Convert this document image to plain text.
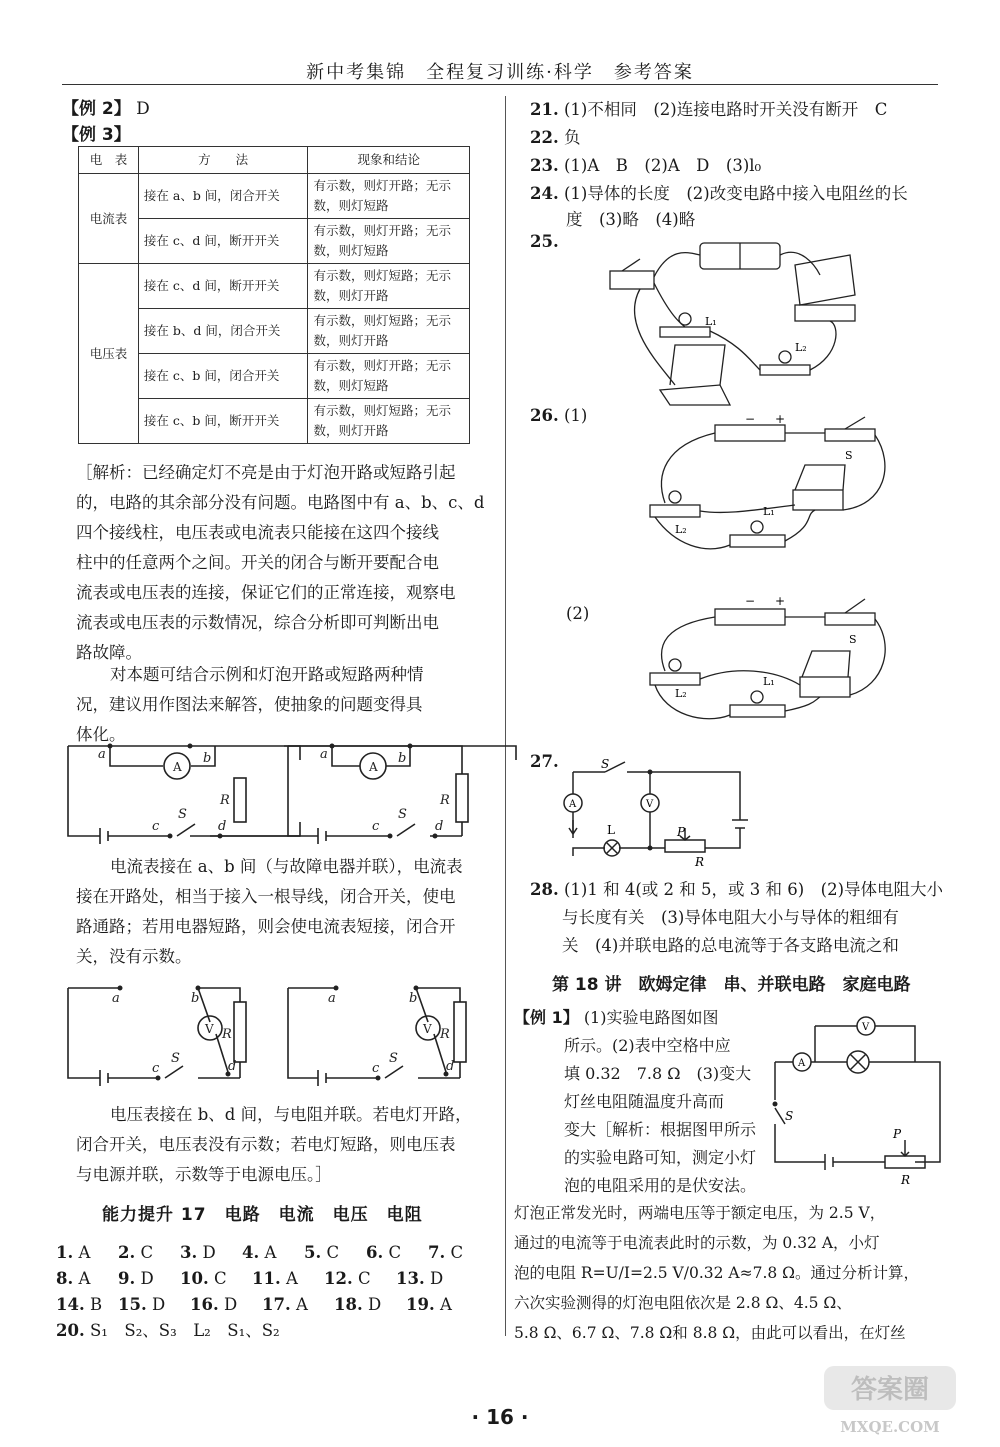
新中考集锦　全程复习训练·科学　参考答案
【例 2】 D
【例 3】
电　表	方　　法	现象和结论
电流表	接在 a、b 间，闭合开关	有示数，则灯开路；无示数，则灯短路
	接在 c、d 间，断开开关	有示数，则灯开路；无示数，则灯短路
电压表	接在 c、d 间，断开开关	有示数，则灯短路；无示数，则灯开路
	接在 b、d 间，闭合开关	有示数，则灯短路；无示数，则灯开路
	接在 c、b 间，闭合开关	有示数，则灯开路；无示数，则灯短路
	接在 c、b 间，断开开关	有示数，则灯短路；无示数，则灯开路
［解析：已经确定灯不亮是由于灯泡开路或短路引起
的，电路的其余部分没有问题。电路图中有 a、b、c、d
四个接线柱，电压表或电流表只能接在这四个接线
柱中的任意两个之间。开关的闭合与断开要配合电
流表或电压表的连接，保证它们的正常连接，观察电
流表或电压表的示数情况，综合分析即可判断出电
路故障。
对本题可结合示例和灯泡开路或短路两种情
况，建议用作图法来解答，使抽象的问题变得具
体化。
a	b
c	d
S
R
A
a	b
c	d
S
R
A
电流表接在 a、b 间（与故障电器并联），电流表
接在开路处，相当于接入一根导线，闭合开关，使电
路通路；若用电器短路，则会使电流表短接，闭合开
关，没有示数。
a	b
c	d
S
R
V
a	b
c	d
S
R
V
电压表接在 b、d 间，与电阻并联。若电灯开路，
闭合开关，电压表没有示数；若电灯短路，则电压表
与电源并联，示数等于电源电压。］
能力提升 17　电路　电流　电压　电阻
1. A	2. C	3. D	4. A	5. C	6. C	7. C
8. A	9. D	10. C	11. A	12. C	13. D
14. B 15. D	16. D	17. A	18. D	19. A
20. S₁　S₂、S₃　L₂　S₁、S₂
21. (1)不相同　(2)连接电路时开关没有断开　C
22. 负
23. (1)A　B　(2)A　D　(3)l₀
24. (1)导体的长度　(2)改变电路中接入电阻丝的长
度　(3)略　(4)略
25.
L₁
L₂
26. (1)	− +
S
L₁
L₂
(2)
− +
S
L₁
L₂
27.	S
L	P
R
A	V
28. (1)1 和 4(或 2 和 5，或 3 和 6)　(2)导体电阻大小
与长度有关　(3)导体电阻大小与导体的粗细有
关　(4)并联电路的总电流等于各支路电流之和
第 18 讲　欧姆定律　串、并联电路　家庭电路
【例 1】 (1)实验电路图如图
所示。(2)表中空格中应
填 0.32　7.8 Ω　(3)变大
灯丝电阻随温度升高而
变大［解析：根据图甲所示
的实验电路可知，测定小灯
泡的电阻采用的是伏安法。
V
A
S
P
R
灯泡正常发光时，两端电压等于额定电压，为 2.5 V，
通过的电流等于电流表此时的示数，为 0.32 A，小灯
泡的电阻 R=U/I=2.5 V/0.32 A≈7.8 Ω。通过分析计算，
六次实验测得的灯泡电阻依次是 2.8 Ω、4.5 Ω、
5.8 Ω、6.7 Ω、7.8 Ω和 8.8 Ω，由此可以看出，在灯丝
· 16 ·
答案圈
MXQE.COM
